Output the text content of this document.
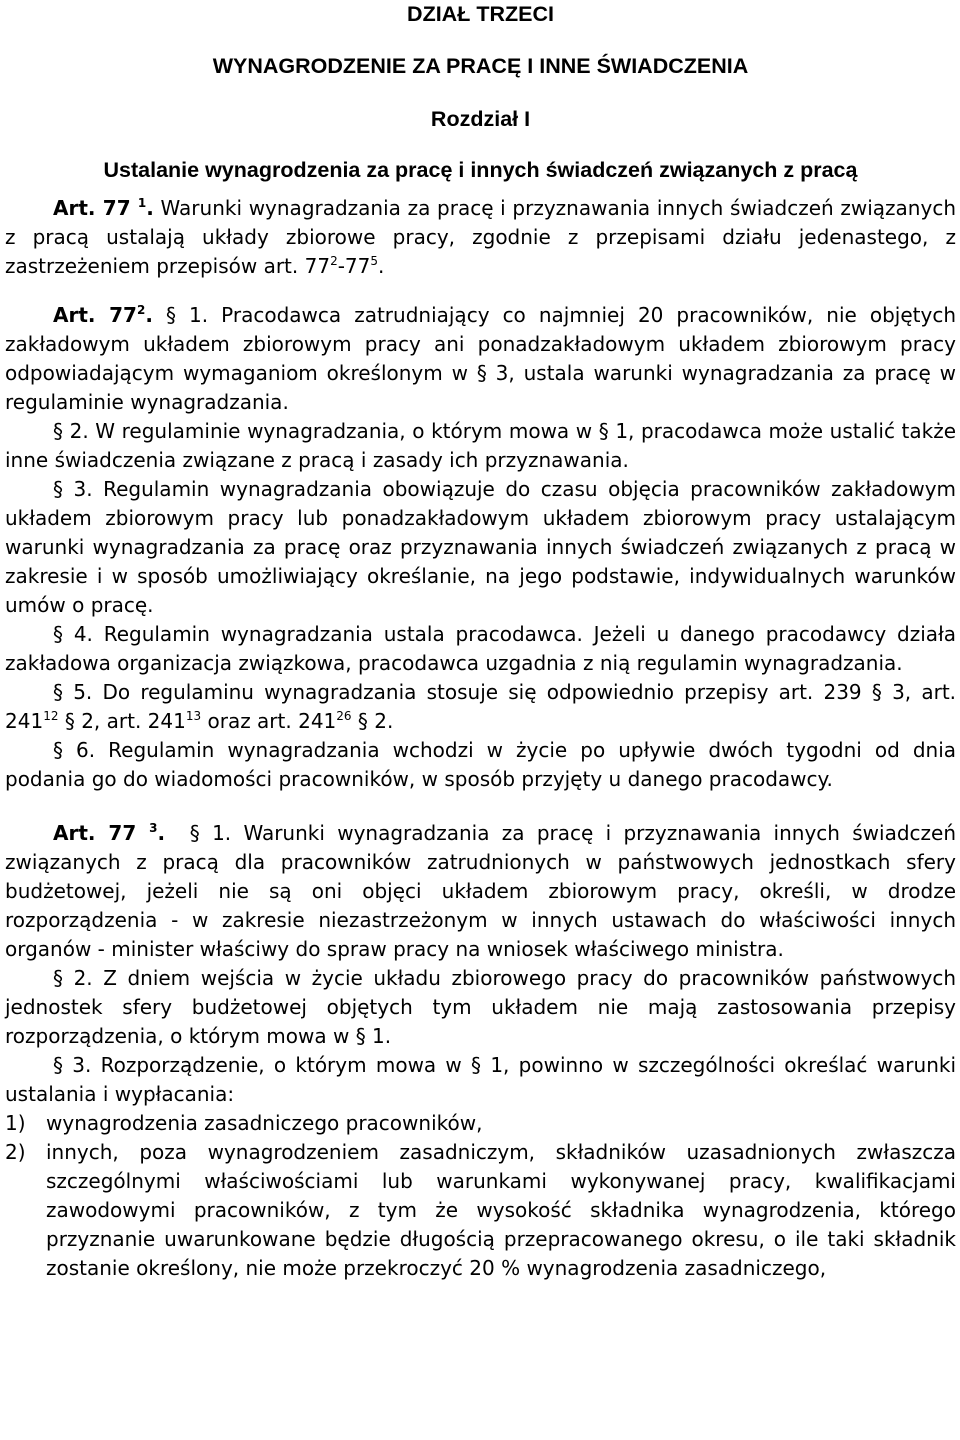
DZIAŁ TRZECI
WYNAGRODZENIE ZA PRACĘ I INNE ŚWIADCZENIA
Rozdział I
Ustalanie wynagrodzenia za pracę i innych świadczeń związanych z pracą
Art. 77 $^1$. Warunki wynagradzania za pracę i przyznawania innych świadczeń związanych z pracą ustalają układy zbiorowe pracy, zgodnie z przepisami działu jedenastego, z zastrzeżeniem przepisów art. $77^2-77^5$.
Art. $77^2$. § 1. Pracodawca zatrudniający co najmniej 20 pracowników, nie objętych zakładowym układem zbiorowym pracy ani ponadzakładowym układem zbiorowym pracy odpowiadającym wymaganiom określonym w § 3, ustala warunki wynagradzania za pracę w regulaminie wynagradzania.
§ 2. W regulaminie wynagradzania, o którym mowa w § 1, pracodawca może ustalić także inne świadczenia związane z pracą i zasady ich przyznawania.
§ 3. Regulamin wynagradzania obowiązuje do czasu objęcia pracowników zakładowym układem zbiorowym pracy lub ponadzakładowym układem zbiorowym pracy ustalającym warunki wynagradzania za pracę oraz przyznawania innych świadczeń związanych z pracą w zakresie i w sposób umożliwiający określanie, na jego podstawie, indywidualnych warunków umów o pracę.
§ 4. Regulamin wynagradzania ustala pracodawca. Jeżeli u danego pracodawcy działa zakładowa organizacja związkowa, pracodawca uzgadnia z nią regulamin wynagradzania.
§ 5. Do regulaminu wynagradzania stosuje się odpowiednio przepisy art. 239 § 3, art. $241^{12}$ § 2, art. $241^{13}$ oraz art. $241^{26}$ § 2.
§ 6. Regulamin wynagradzania wchodzi w życie po upływie dwóch tygodni od dnia podania go do wiadomości pracowników, w sposób przyjęty u danego pracodawcy.
Art. 77 $^3$. § 1. Warunki wynagradzania za pracę i przyznawania innych świadczeń związanych z pracą dla pracowników zatrudnionych w państwowych jednostkach sfery budżetowej, jeżeli nie są oni objęci układem zbiorowym pracy, określi, w drodze rozporządzenia - w zakresie niezastrzeżonym w innych ustawach do właściwości innych organów - minister właściwy do spraw pracy na wniosek właściwego ministra.
§ 2. Z dniem wejścia w życie układu zbiorowego pracy do pracowników państwowych jednostek sfery budżetowej objętych tym układem nie mają zastosowania przepisy rozporządzenia, o którym mowa w § 1.
§ 3. Rozporządzenie, o którym mowa w § 1, powinno w szczególności określać warunki ustalania i wypłacania:
1) wynagrodzenia zasadniczego pracowników,
2) innych, poza wynagrodzeniem zasadniczym, składników uzasadnionych zwłaszcza szczególnymi właściwościami lub warunkami wykonywanej pracy, kwalifikacjami zawodowymi pracowników, z tym że wysokość składnika wynagrodzenia, którego przyznanie uwarunkowane będzie długością przepracowanego okresu, o ile taki składnik zostanie określony, nie może przekroczyć 20 % wynagrodzenia zasadniczego,
